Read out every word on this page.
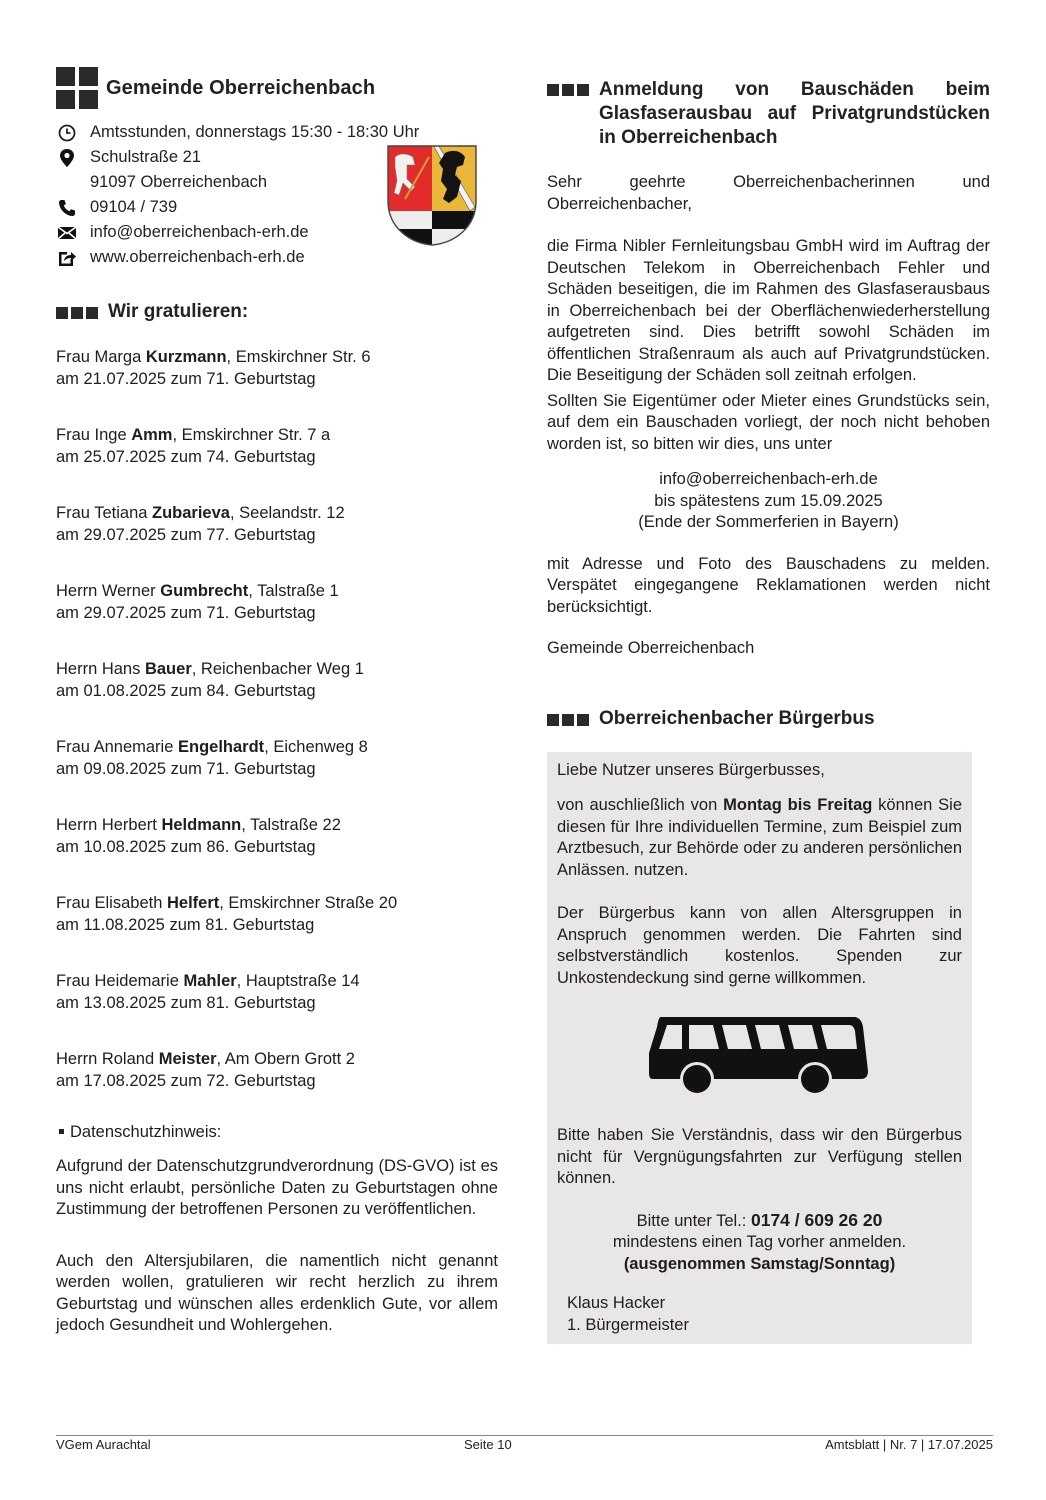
Gemeinde Oberreichenbach
Amtsstunden, donnerstags 15:30 - 18:30 Uhr
Schulstraße 21
91097 Oberreichenbach
09104 / 739
info@oberreichenbach-erh.de
www.oberreichenbach-erh.de
Wir gratulieren:
Frau Marga Kurzmann, Emskirchner Str. 6
am 21.07.2025 zum 71. Geburtstag
Frau Inge Amm, Emskirchner Str. 7 a
am 25.07.2025 zum 74. Geburtstag
Frau Tetiana Zubarieva, Seelandstr. 12
am 29.07.2025 zum 77. Geburtstag
Herrn Werner Gumbrecht, Talstraße 1
am 29.07.2025 zum 71. Geburtstag
Herrn Hans Bauer, Reichenbacher Weg 1
am 01.08.2025 zum 84. Geburtstag
Frau Annemarie Engelhardt, Eichenweg 8
am 09.08.2025 zum 71. Geburtstag
Herrn Herbert Heldmann, Talstraße 22
am 10.08.2025 zum 86. Geburtstag
Frau Elisabeth Helfert, Emskirchner Straße 20
am 11.08.2025 zum 81. Geburtstag
Frau Heidemarie Mahler, Hauptstraße 14
am 13.08.2025 zum 81. Geburtstag
Herrn Roland Meister, Am Obern Grott 2
am 17.08.2025 zum 72. Geburtstag
Datenschutzhinweis:
Aufgrund der Datenschutzgrundverordnung (DS-GVO) ist es uns nicht erlaubt, persönliche Daten zu Geburtstagen ohne Zustimmung der betroffenen Personen zu veröffentlichen.
Auch den Altersjubilaren, die namentlich nicht genannt werden wollen, gratulieren wir recht herzlich zu ihrem Geburtstag und wünschen alles erdenklich Gute, vor allem jedoch Gesundheit und Wohlergehen.
Anmeldung von Bauschäden beim Glasfaserausbau auf Privatgrundstücken in Oberreichenbach
Sehr geehrte Oberreichenbacherinnen und Oberreichenbacher,
die Firma Nibler Fernleitungsbau GmbH wird im Auftrag der Deutschen Telekom in Oberreichenbach Fehler und Schäden beseitigen, die im Rahmen des Glasfaserausbaus in Oberreichenbach bei der Oberflächenwiederherstellung aufgetreten sind. Dies betrifft sowohl Schäden im öffentlichen Straßenraum als auch auf Privatgrundstücken. Die Beseitigung der Schäden soll zeitnah erfolgen.
Sollten Sie Eigentümer oder Mieter eines Grundstücks sein, auf dem ein Bauschaden vorliegt, der noch nicht behoben worden ist, so bitten wir dies, uns unter
info@oberreichenbach-erh.de
bis spätestens zum 15.09.2025
(Ende der Sommerferien in Bayern)
mit Adresse und Foto des Bauschadens zu melden. Verspätet eingegangene Reklamationen werden nicht berücksichtigt.
Gemeinde Oberreichenbach
Oberreichenbacher Bürgerbus
Liebe Nutzer unseres Bürgerbusses,
von auschließlich von Montag bis Freitag können Sie diesen für Ihre individuellen Termine, zum Beispiel zum Arztbesuch, zur Behörde oder zu anderen persönlichen Anlässen. nutzen.
Der Bürgerbus kann von allen Altersgruppen in Anspruch genommen werden. Die Fahrten sind selbstverständlich kostenlos. Spenden zur Unkostendeckung sind gerne willkommen.
Bitte haben Sie Verständnis, dass wir den Bürgerbus nicht für Vergnügungsfahrten zur Verfügung stellen können.
Bitte unter Tel.: 0174 / 609 26 20
mindestens einen Tag vorher anmelden.
(ausgenommen Samstag/Sonntag)
Klaus Hacker
1. Bürgermeister
VGem Aurachtal	Seite 10	Amtsblatt | Nr. 7 | 17.07.2025
